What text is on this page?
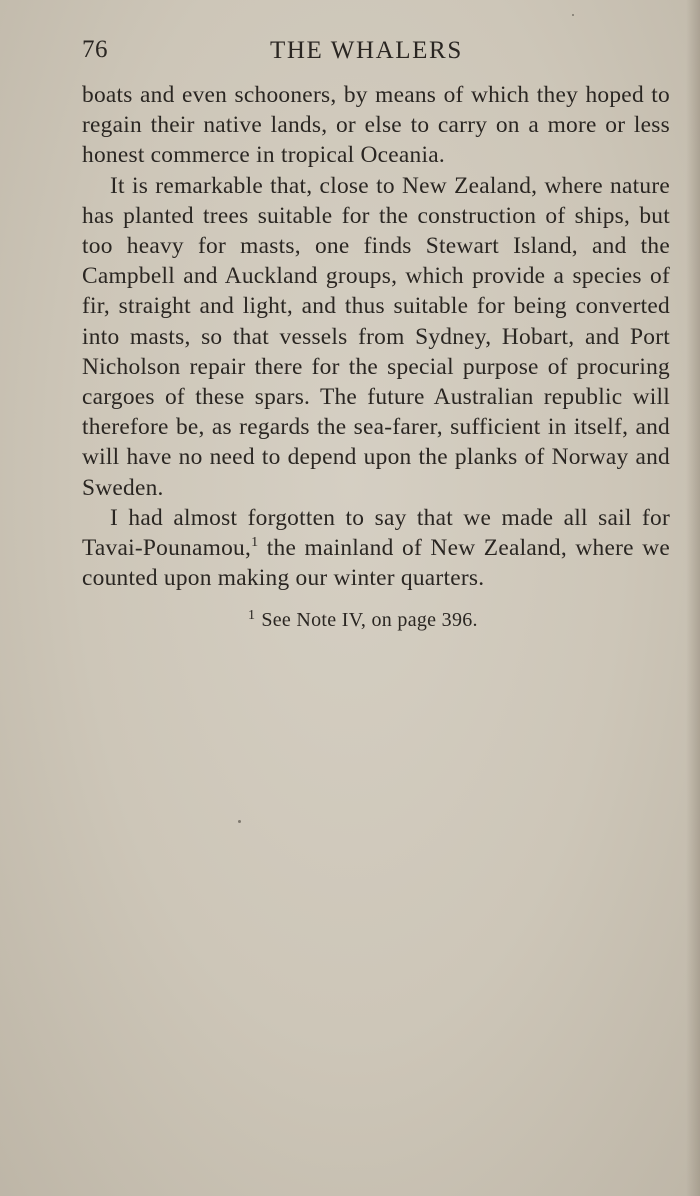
76	THE WHALERS

boats and even schooners, by means of which they hoped to regain their native lands, or else to carry on a more or less honest commerce in tropical Oceania.

It is remarkable that, close to New Zealand, where nature has planted trees suitable for the construction of ships, but too heavy for masts, one finds Stewart Island, and the Campbell and Auckland groups, which provide a species of fir, straight and light, and thus suitable for being converted into masts, so that vessels from Sydney, Hobart, and Port Nicholson repair there for the special purpose of procuring cargoes of these spars. The future Australian republic will therefore be, as regards the sea-farer, sufficient in itself, and will have no need to depend upon the planks of Norway and Sweden.

I had almost forgotten to say that we made all sail for Tavai-Pounamou,$^1$ the mainland of New Zealand, where we counted upon making our winter quarters.

$^1$ See Note IV, on page 396.
